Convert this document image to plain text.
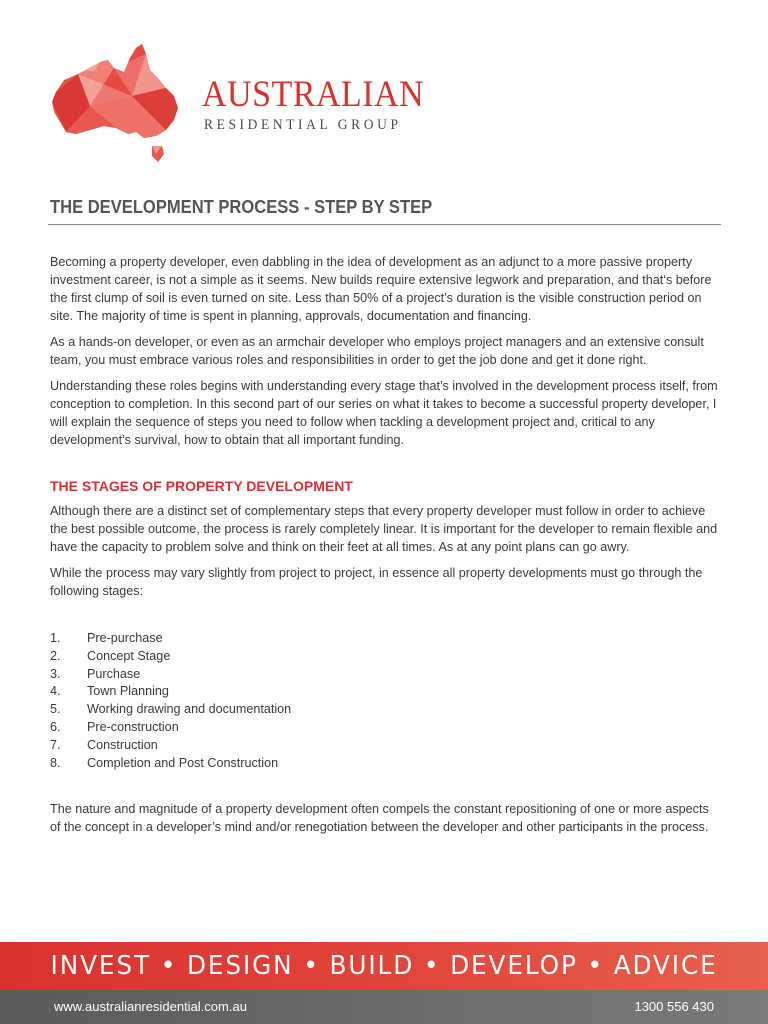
AUSTRALIAN
RESIDENTIAL GROUP
THE DEVELOPMENT PROCESS - STEP BY STEP

Becoming a property developer, even dabbling in the idea of development as an adjunct to a more passive property investment career, is not a simple as it seems. New builds require extensive legwork and preparation, and that‘s before the first clump of soil is even turned on site. Less than 50% of a project’s duration is the visible construction period on site. The majority of time is spent in planning, approvals, documentation and financing.

As a hands-on developer, or even as an armchair developer who employs project managers and an extensive consult team, you must embrace various roles and responsibilities in order to get the job done and get it done right.

Understanding these roles begins with understanding every stage that’s involved in the development process itself, from conception to completion. In this second part of our series on what it takes to become a successful property developer, I will explain the sequence of steps you need to follow when tackling a development project and, critical to any development’s survival, how to obtain that all important funding.

THE STAGES OF PROPERTY DEVELOPMENT

Although there are a distinct set of complementary steps that every property developer must follow in order to achieve the best possible outcome, the process is rarely completely linear. It is important for the developer to remain flexible and have the capacity to problem solve and think on their feet at all times. As at any point plans can go awry.

While the process may vary slightly from project to project, in essence all property developments must go through the following stages:

1.	Pre-purchase
2.	Concept Stage
3.	Purchase
4.	Town Planning
5.	Working drawing and documentation
6.	Pre-construction
7.	Construction
8.	Completion and Post Construction

The nature and magnitude of a property development often compels the constant repositioning of one or more aspects of the concept in a developer’s mind and/or renegotiation between the developer and other participants in the process.

INVEST • DESIGN • BUILD • DEVELOP • ADVICE
www.australianresidential.com.au	1300 556 430
